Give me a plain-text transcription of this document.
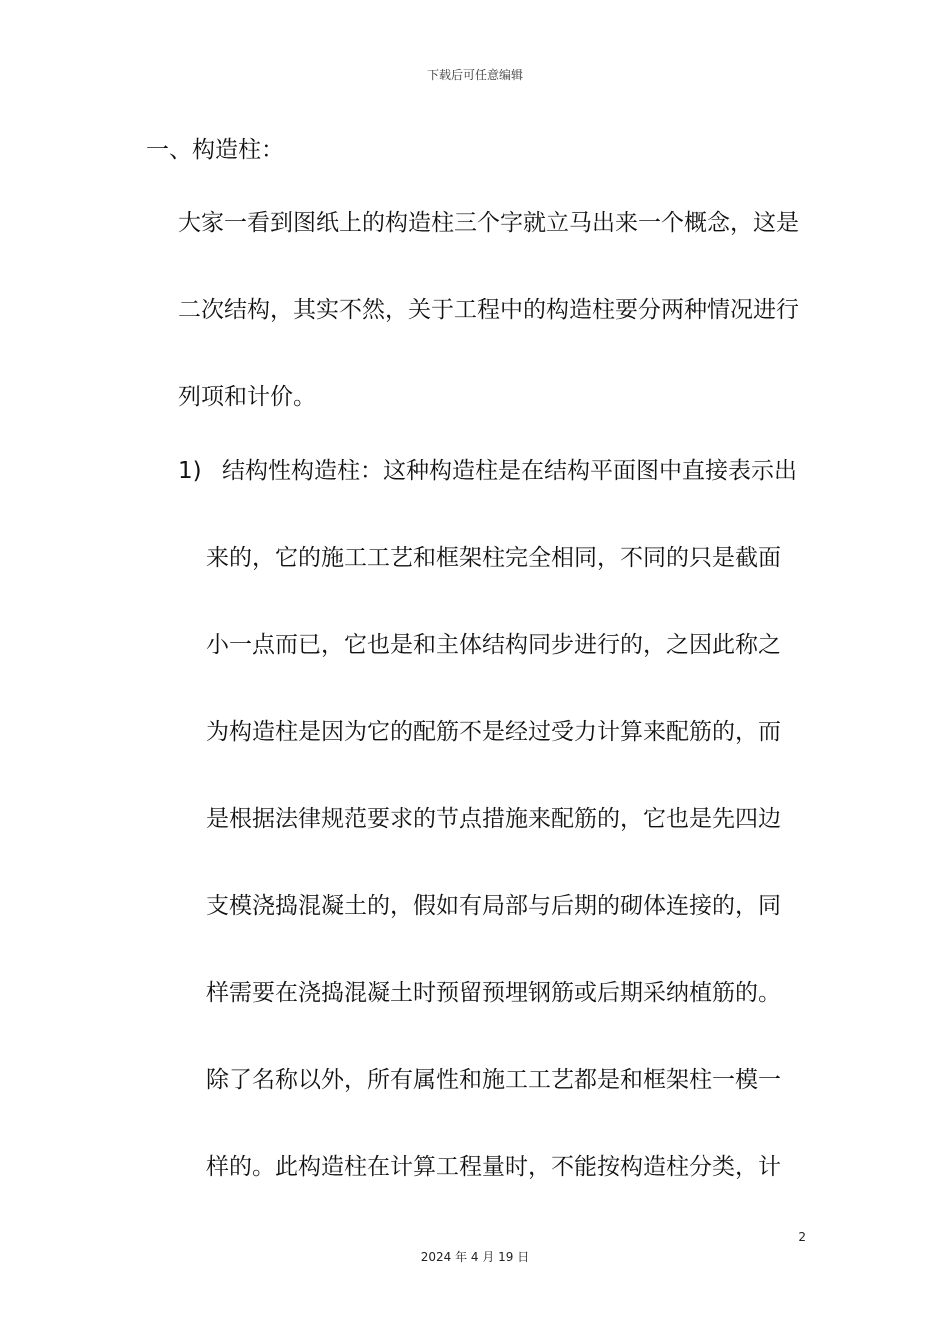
下载后可任意编辑
一、构造柱：
大家一看到图纸上的构造柱三个字就立马出来一个概念，这是
二次结构，其实不然，关于工程中的构造柱要分两种情况进行
列项和计价。
1) 结构性构造柱：这种构造柱是在结构平面图中直接表示出
来的，它的施工工艺和框架柱完全相同，不同的只是截面
小一点而已，它也是和主体结构同步进行的，之因此称之
为构造柱是因为它的配筋不是经过受力计算来配筋的，而
是根据法律规范要求的节点措施来配筋的，它也是先四边
支模浇捣混凝土的，假如有局部与后期的砌体连接的，同
样需要在浇捣混凝土时预留预埋钢筋或后期采纳植筋的。
除了名称以外，所有属性和施工工艺都是和框架柱一模一
样的。此构造柱在计算工程量时，不能按构造柱分类，计
2
2024 年 4 月 19 日
